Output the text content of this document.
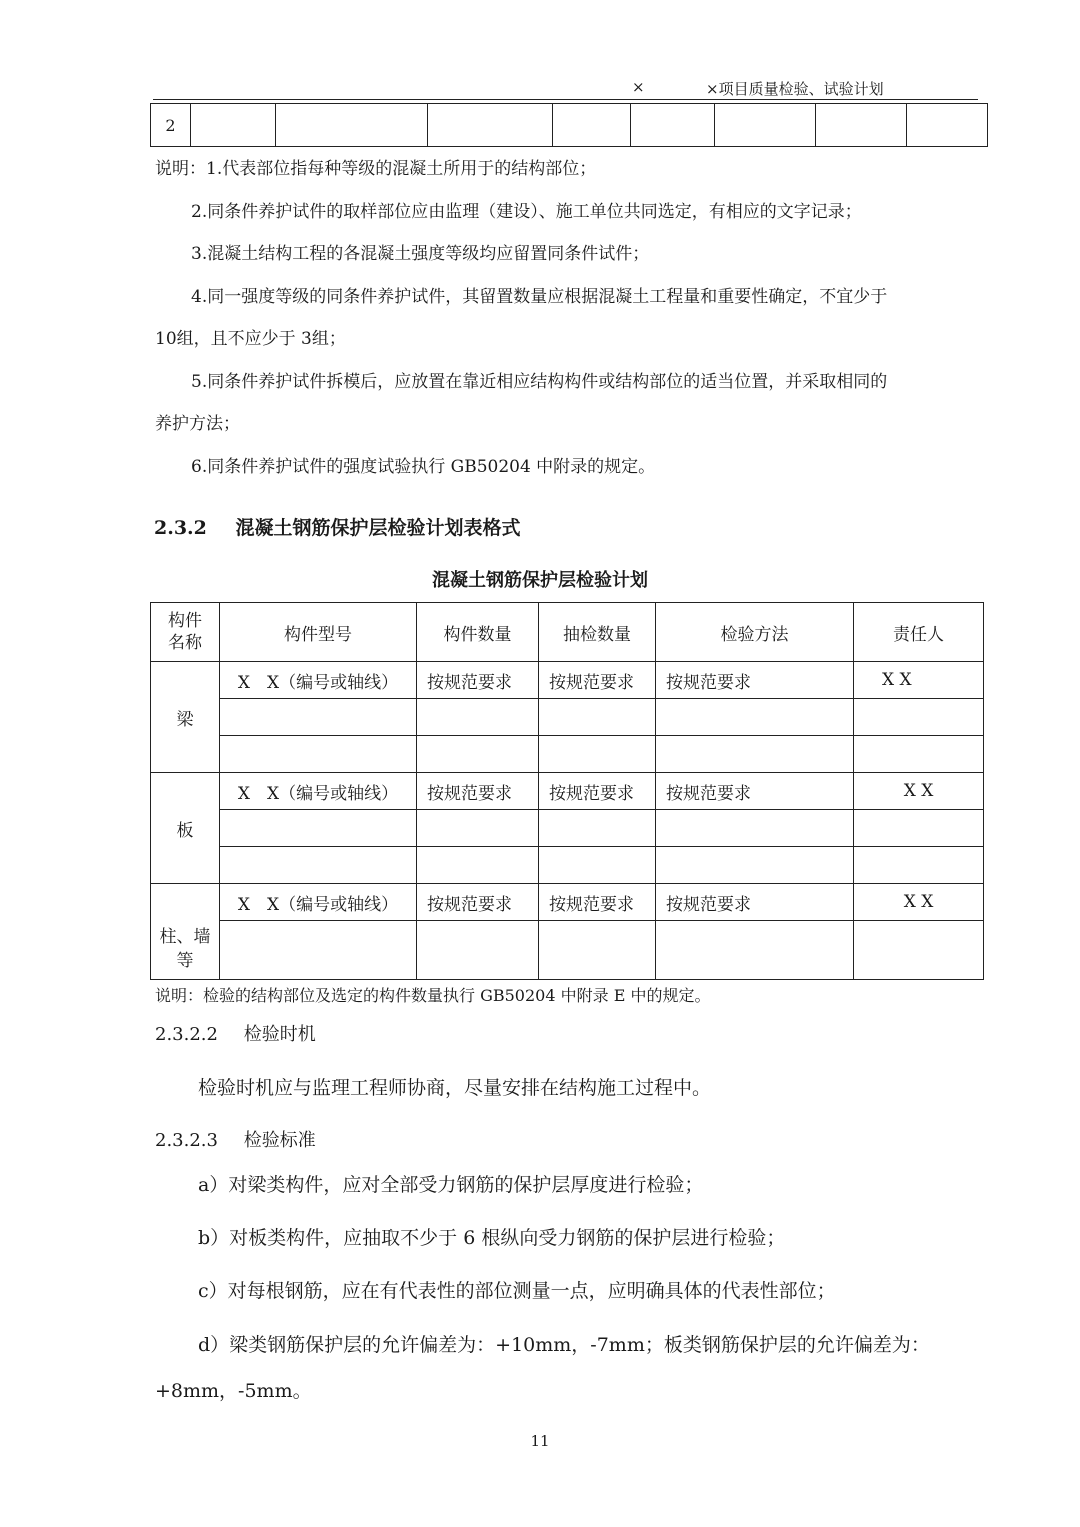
×	×项目质量检验、试验计划
2								
说明：1.代表部位指每种等级的混凝土所用于的结构部位；
2.同条件养护试件的取样部位应由监理（建设）、施工单位共同选定，有相应的文字记录；
3.混凝土结构工程的各混凝土强度等级均应留置同条件试件；
4.同一强度等级的同条件养护试件，其留置数量应根据混凝土工程量和重要性确定，不宜少于
10组，且不应少于 3组；
5.同条件养护试件拆模后，应放置在靠近相应结构构件或结构部位的适当位置，并采取相同的
养护方法；
6.同条件养护试件的强度试验执行 GB50204 中附录的规定。
2.3.2 混凝土钢筋保护层检验计划表格式
混凝土钢筋保护层检验计划
构件名称	构件型号	构件数量	抽检数量	检验方法	责任人
梁	X　X（编号或轴线）	按规范要求	按规范要求	按规范要求	X X

板	X　X（编号或轴线）	按规范要求	按规范要求	按规范要求	X X

柱、墙等	X　X（编号或轴线）	按规范要求	按规范要求	按规范要求	X X

说明：检验的结构部位及选定的构件数量执行 GB50204 中附录 E 中的规定。
2.3.2.2 检验时机
检验时机应与监理工程师协商，尽量安排在结构施工过程中。
2.3.2.3 检验标准
a）对梁类构件，应对全部受力钢筋的保护层厚度进行检验；
b）对板类构件，应抽取不少于 6 根纵向受力钢筋的保护层进行检验；
c）对每根钢筋，应在有代表性的部位测量一点，应明确具体的代表性部位；
d）梁类钢筋保护层的允许偏差为：+10mm，-7mm；板类钢筋保护层的允许偏差为：
+8mm，-5mm。
11
